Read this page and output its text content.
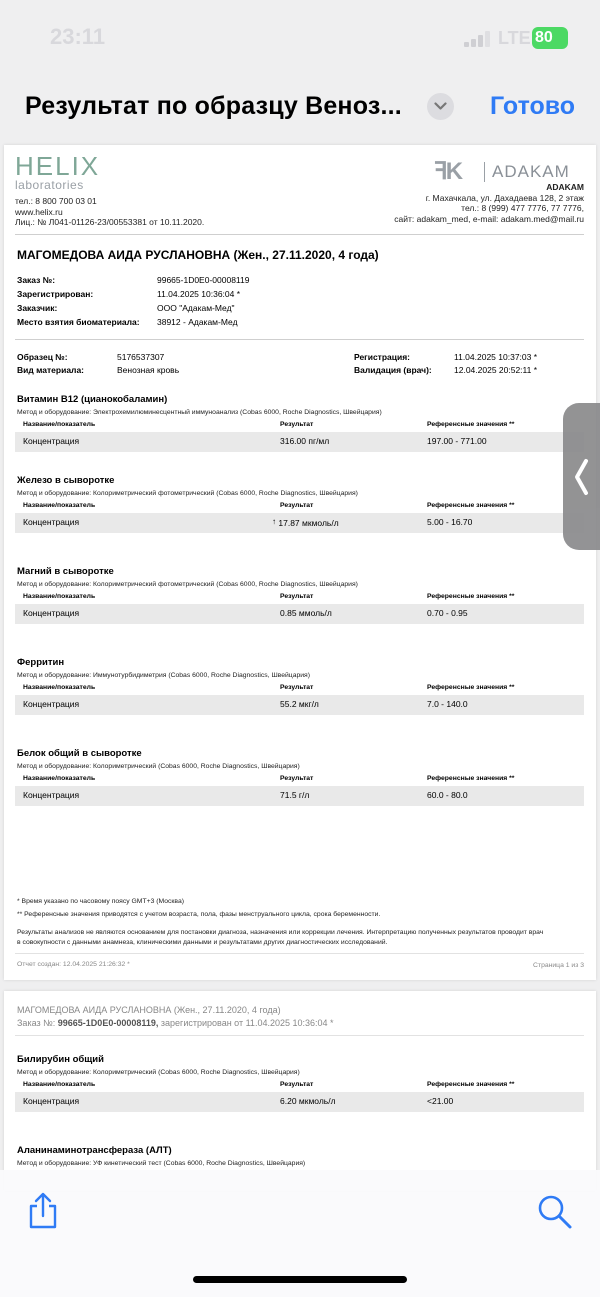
23:11	LTE 80
Результат по образцу Веноз...	Готово
HELIX
laboratories
тел.: 8 800 700 03 01
www.helix.ru
Лиц.: № Л041-01126-23/00553381 от 10.11.2020.
ꟻK ADAKAM
ADAKAM
г. Махачкала, ул. Дахадаева 128, 2 этаж
тел.: 8 (999) 477 7776, 77 7776,
сайт: adakam_med, e-mail: adakam.med@mail.ru
МАГОМЕДОВА АИДА РУСЛАНОВНА (Жен., 27.11.2020, 4 года)
Заказ №:	99665-1D0E0-00008119
Зарегистрирован:	11.04.2025 10:36:04 *
Заказчик:	ООО "Адакам-Мед"
Место взятия биоматериала: 38912 - Адакам-Мед
Образец №:	5176537307
Вид материала:	Венозная кровь
Регистрация:	11.04.2025 10:37:03 *
Валидация (врач):	12.04.2025 20:52:11 *
Витамин B12 (цианокобаламин)
Метод и оборудование: Электрохемилюминесцентный иммуноанализ (Cobas 6000, Roche Diagnostics, Швейцария)
Название/показатель	Результат	Референсные значения **
Концентрация	316.00 пг/мл	197.00 - 771.00
Железо в сыворотке
Метод и оборудование: Колориметрический фотометрический (Cobas 6000, Roche Diagnostics, Швейцария)
Название/показатель	Результат	Референсные значения **
Концентрация	↑ 17.87 мкмоль/л	5.00 - 16.70
Магний в сыворотке
Метод и оборудование: Колориметрический фотометрический (Cobas 6000, Roche Diagnostics, Швейцария)
Название/показатель	Результат	Референсные значения **
Концентрация	0.85 ммоль/л	0.70 - 0.95
Ферритин
Метод и оборудование: Иммунотурбидиметрия (Cobas 6000, Roche Diagnostics, Швейцария)
Название/показатель	Результат	Референсные значения **
Концентрация	55.2 мкг/л	7.0 - 140.0
Белок общий в сыворотке
Метод и оборудование: Колориметрический (Cobas 6000, Roche Diagnostics, Швейцария)
Название/показатель	Результат	Референсные значения **
Концентрация	71.5 г/л	60.0 - 80.0
* Время указано по часовому поясу GMT+3 (Москва)
** Референсные значения приводятся с учетом возраста, пола, фазы менструального цикла, срока беременности.
Результаты анализов не являются основанием для постановки диагноза, назначения или коррекции лечения. Интерпретацию полученных результатов проводит врач
в совокупности с данными анамнеза, клиническими данными и результатами других диагностических исследований.
Отчет создан: 12.04.2025 21:26:32 *	Страница 1 из 3
МАГОМЕДОВА АИДА РУСЛАНОВНА (Жен., 27.11.2020, 4 года)
Заказ №: 99665-1D0E0-00008119, зарегистрирован от 11.04.2025 10:36:04 *
Билирубин общий
Метод и оборудование: Колориметрический (Cobas 6000, Roche Diagnostics, Швейцария)
Название/показатель	Результат	Референсные значения **
Концентрация	6.20 мкмоль/л	<21.00
Аланинаминотрансфераза (АЛТ)
Метод и оборудование: УФ кинетический тест (Cobas 6000, Roche Diagnostics, Швейцария)
